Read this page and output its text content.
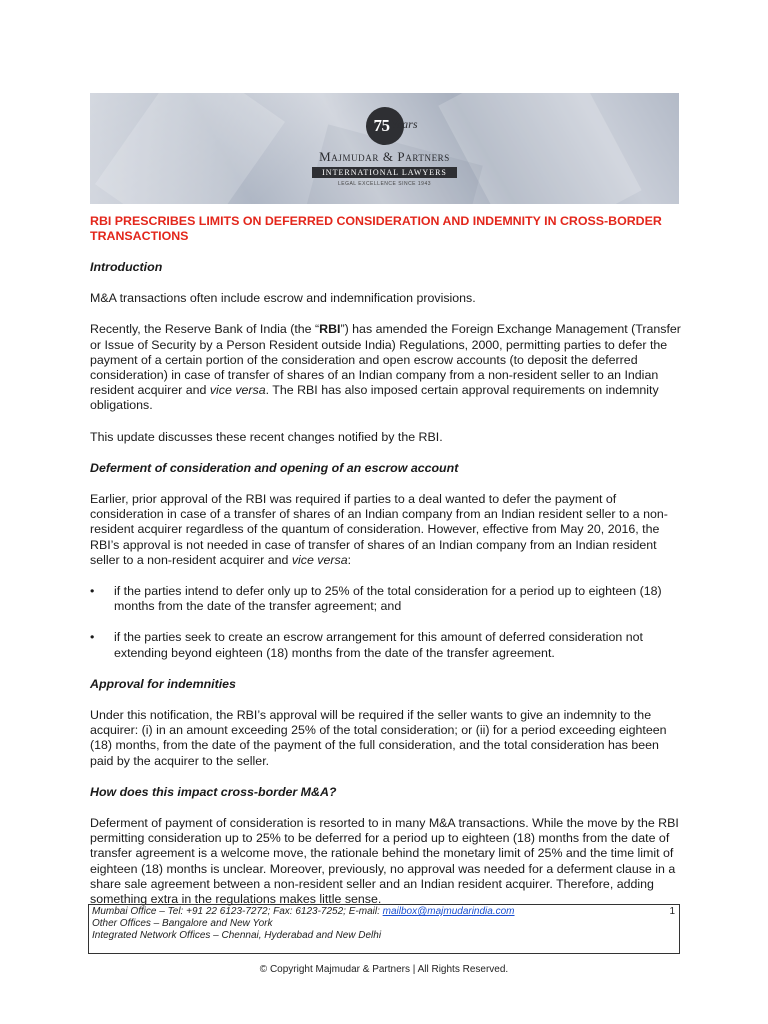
75 Years
Majmudar & Partners
INTERNATIONAL LAWYERS
LEGAL EXCELLENCE SINCE 1943
RBI PRESCRIBES LIMITS ON DEFERRED CONSIDERATION AND INDEMNITY IN CROSS-BORDER TRANSACTIONS
Introduction

M&A transactions often include escrow and indemnification provisions.

Recently, the Reserve Bank of India (the “RBI”) has amended the Foreign Exchange Management (Transfer or Issue of Security by a Person Resident outside India) Regulations, 2000, permitting parties to defer the payment of a certain portion of the consideration and open escrow accounts (to deposit the deferred consideration) in case of transfer of shares of an Indian company from a non-resident seller to an Indian resident acquirer and vice versa. The RBI has also imposed certain approval requirements on indemnity obligations.

This update discusses these recent changes notified by the RBI.

Deferment of consideration and opening of an escrow account

Earlier, prior approval of the RBI was required if parties to a deal wanted to defer the payment of consideration in case of a transfer of shares of an Indian company from an Indian resident seller to a non-resident acquirer regardless of the quantum of consideration. However, effective from May 20, 2016, the RBI’s approval is not needed in case of transfer of shares of an Indian company from an Indian resident seller to a non-resident acquirer and vice versa:

• if the parties intend to defer only up to 25% of the total consideration for a period up to eighteen (18) months from the date of the transfer agreement; and
• if the parties seek to create an escrow arrangement for this amount of deferred consideration not extending beyond eighteen (18) months from the date of the transfer agreement.
Approval for indemnities

Under this notification, the RBI’s approval will be required if the seller wants to give an indemnity to the acquirer: (i) in an amount exceeding 25% of the total consideration; or (ii) for a period exceeding eighteen (18) months, from the date of the payment of the full consideration, and the total consideration has been paid by the acquirer to the seller.

How does this impact cross-border M&A?

Deferment of payment of consideration is resorted to in many M&A transactions. While the move by the RBI permitting consideration up to 25% to be deferred for a period up to eighteen (18) months from the date of transfer agreement is a welcome move, the rationale behind the monetary limit of 25% and the time limit of eighteen (18) months is unclear. Moreover, previously, no approval was needed for a deferment clause in a share sale agreement between a non-resident seller and an Indian resident acquirer. Therefore, adding something extra in the regulations makes little sense.

Mumbai Office – Tel: +91 22 6123-7272; Fax: 6123-7252; E-mail: mailbox@majmudarindia.com
Other Offices – Bangalore and New York
Integrated Network Offices – Chennai, Hyderabad and New Delhi
1
© Copyright Majmudar & Partners | All Rights Reserved.
